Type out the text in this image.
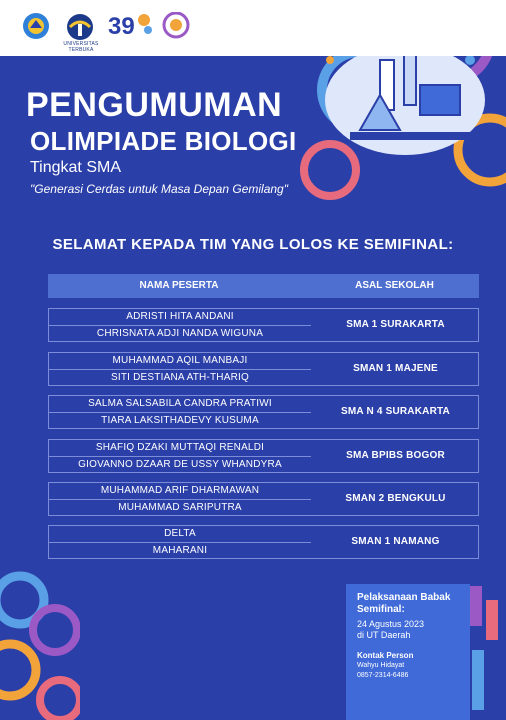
UNIVERSITAS TERBUKA
39
PENGUMUMAN
OLIMPIADE BIOLOGI
Tingkat SMA
"Generasi Cerdas untuk Masa Depan Gemilang"
SELAMAT KEPADA TIM YANG LOLOS KE SEMIFINAL:
NAMA PESERTA	ASAL SEKOLAH
ADRISTI HITA ANDANI
CHRISNATA ADJI NANDA WIGUNA
SMA 1 SURAKARTA
MUHAMMAD AQIL MANBAJI
SITI DESTIANA ATH-THARIQ
SMAN 1 MAJENE
SALMA SALSABILA CANDRA PRATIWI
TIARA LAKSITHADEVY KUSUMA
SMA N 4 SURAKARTA
SHAFIQ DZAKI MUTTAQI RENALDI
GIOVANNO DZAAR DE USSY WHANDYRA
SMA BPIBS BOGOR
MUHAMMAD ARIF DHARMAWAN
MUHAMMAD SARIPUTRA
SMAN 2 BENGKULU
DELTA
MAHARANI
SMAN 1 NAMANG
Pelaksanaan Babak Semifinal:
24 Agustus 2023
di UT Daerah
Kontak Person
Wahyu Hidayat
0857-2314-6486
